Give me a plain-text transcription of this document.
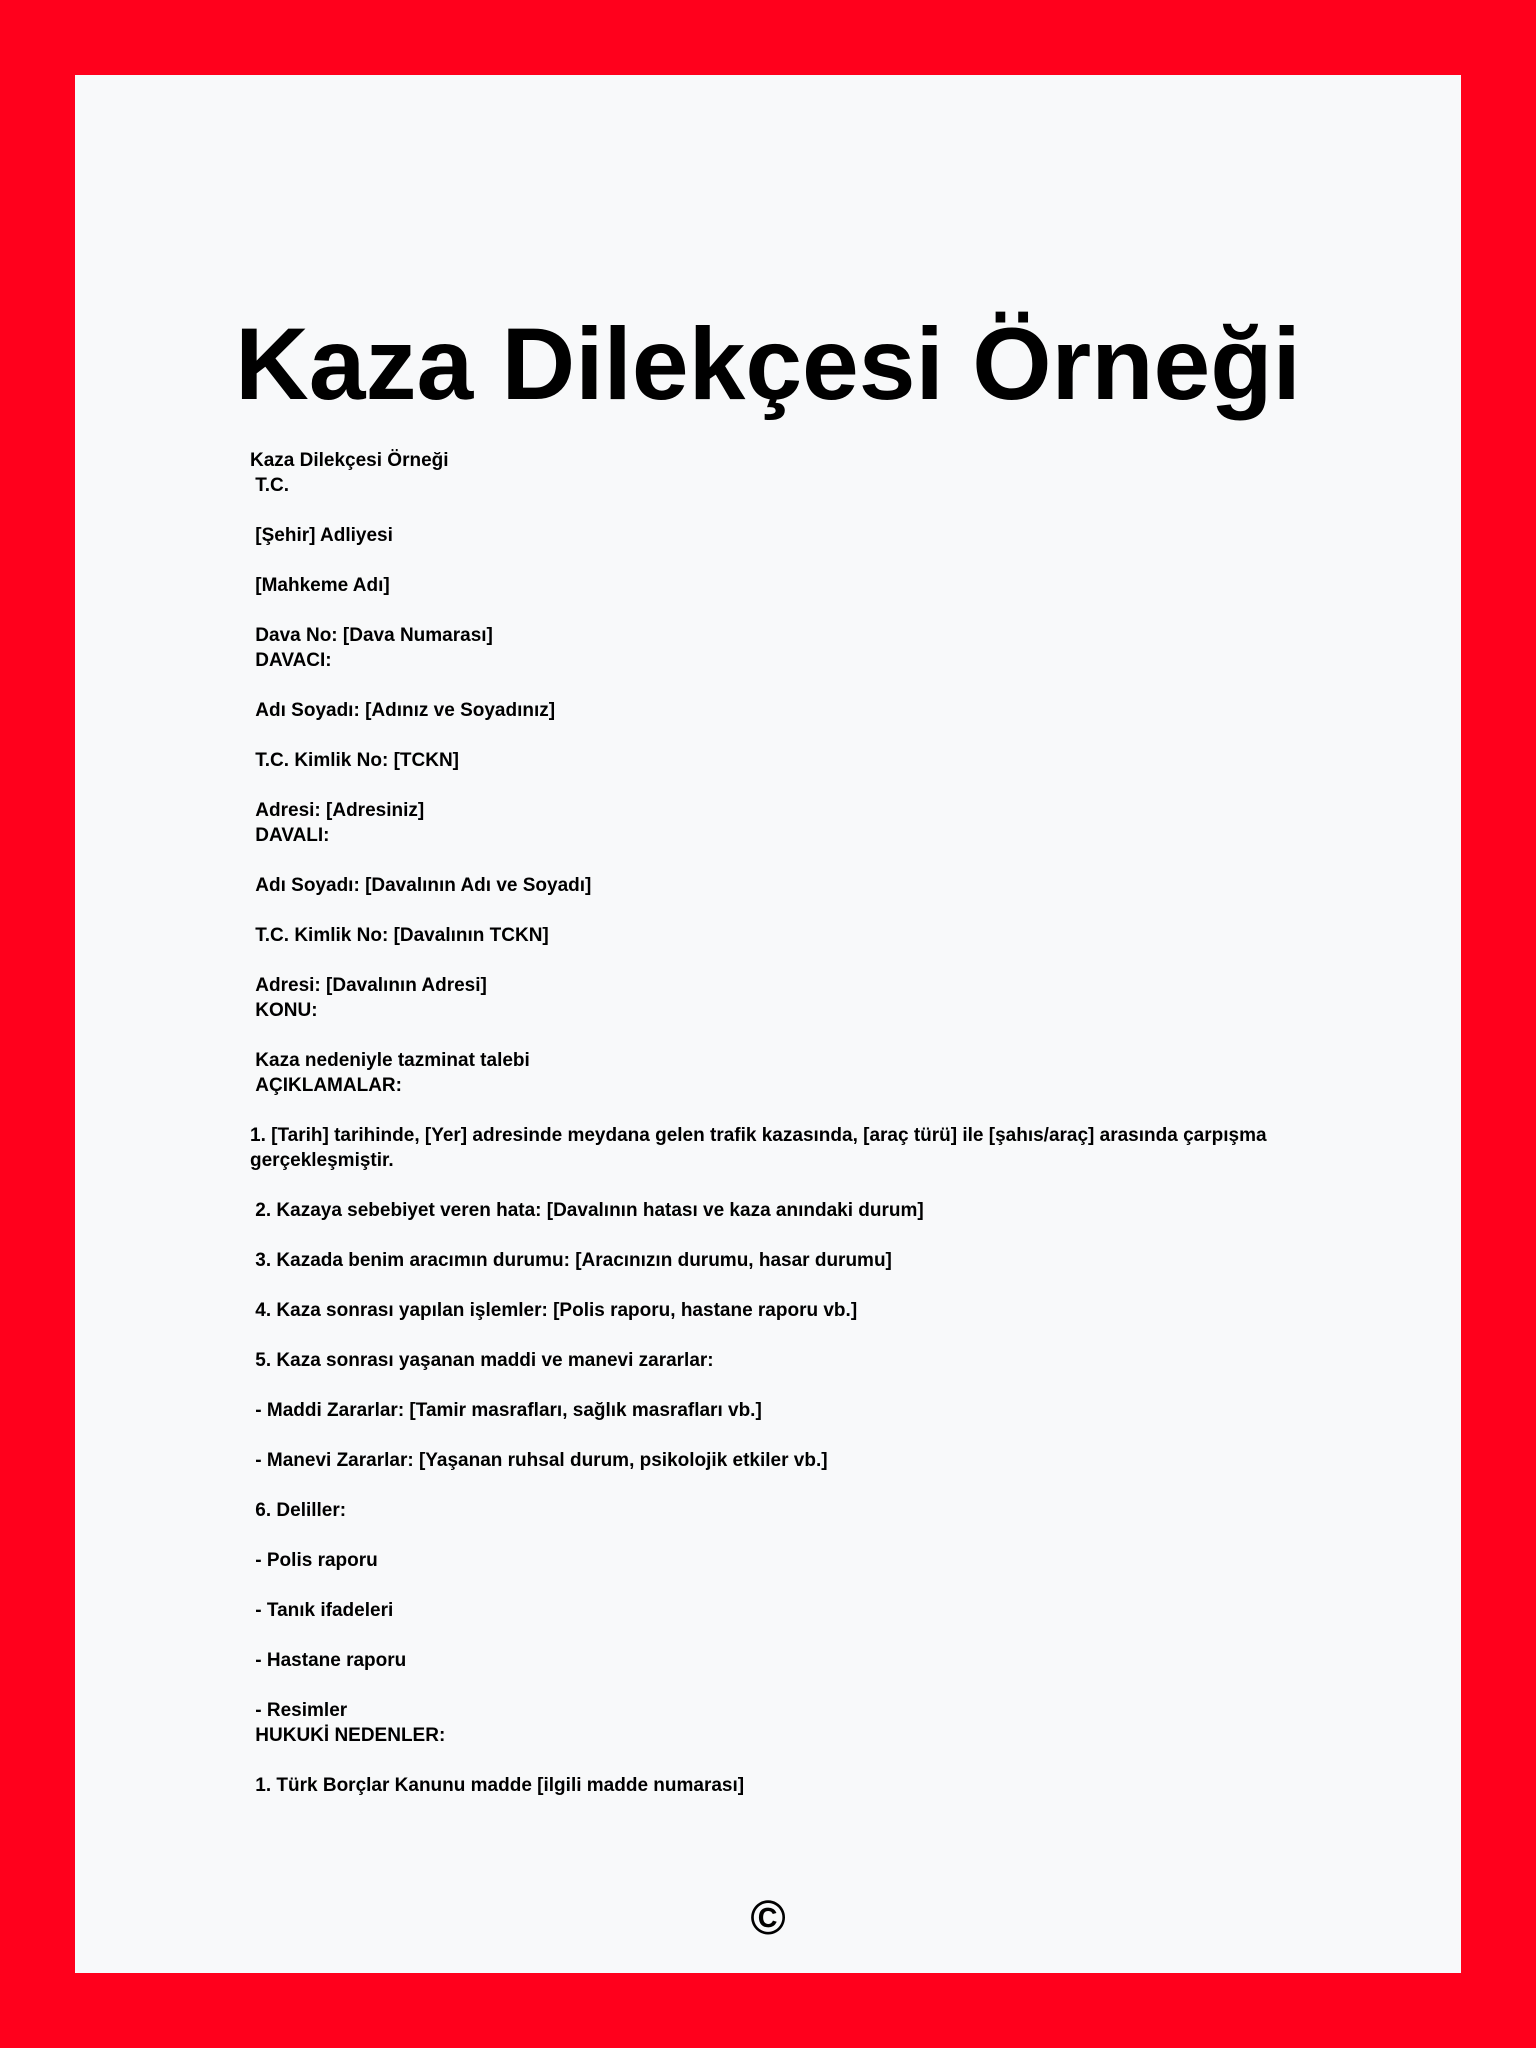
Kaza Dilekçesi Örneği
Kaza Dilekçesi Örneği
T.C.
[Şehir] Adliyesi
[Mahkeme Adı]
Dava No: [Dava Numarası]
DAVACI:
Adı Soyadı: [Adınız ve Soyadınız]
T.C. Kimlik No: [TCKN]
Adresi: [Adresiniz]
DAVALI:
Adı Soyadı: [Davalının Adı ve Soyadı]
T.C. Kimlik No: [Davalının TCKN]
Adresi: [Davalının Adresi]
KONU:
Kaza nedeniyle tazminat talebi
AÇIKLAMALAR:
1. [Tarih] tarihinde, [Yer] adresinde meydana gelen trafik kazasında, [araç türü] ile [şahıs/araç] arasında çarpışma gerçekleşmiştir.
2. Kazaya sebebiyet veren hata: [Davalının hatası ve kaza anındaki durum]
3. Kazada benim aracımın durumu: [Aracınızın durumu, hasar durumu]
4. Kaza sonrası yapılan işlemler: [Polis raporu, hastane raporu vb.]
5. Kaza sonrası yaşanan maddi ve manevi zararlar:
- Maddi Zararlar: [Tamir masrafları, sağlık masrafları vb.]
- Manevi Zararlar: [Yaşanan ruhsal durum, psikolojik etkiler vb.]
6. Deliller:
- Polis raporu
- Tanık ifadeleri
- Hastane raporu
- Resimler
HUKUKİ NEDENLER:
1. Türk Borçlar Kanunu madde [ilgili madde numarası]
©
